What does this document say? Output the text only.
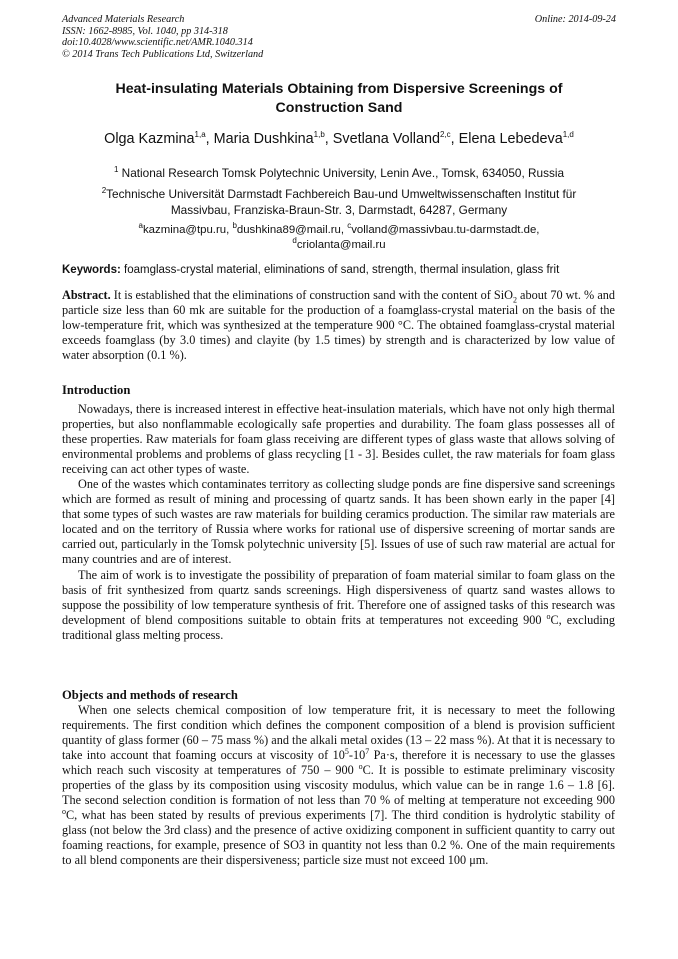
Advanced Materials Research
ISSN: 1662-8985, Vol. 1040, pp 314-318
doi:10.4028/www.scientific.net/AMR.1040.314
© 2014 Trans Tech Publications Ltd, Switzerland
Online: 2014-09-24
Heat-insulating Materials Obtaining from Dispersive Screenings of
Construction Sand
Olga Kazmina$^{1,a}$, Maria Dushkina$^{1,b}$, Svetlana Volland$^{2,c}$, Elena Lebedeva$^{1,d}$
$^1$ National Research Tomsk Polytechnic University, Lenin Ave., Tomsk, 634050, Russia
$^2$Technische Universität Darmstadt Fachbereich Bau-und Umweltwissenschaften Institut für
Massivbau, Franziska-Braun-Str. 3, Darmstadt, 64287, Germany
$^a$kazmina@tpu.ru, $^b$dushkina89@mail.ru, $^c$volland@massivbau.tu-darmstadt.de,
$^d$criolanta@mail.ru
Keywords: foamglass-crystal material, eliminations of sand, strength, thermal insulation, glass frit

Abstract. It is established that the eliminations of construction sand with the content of SiO$_2$ about 70 wt. % and particle size less than 60 mk are suitable for the production of a foamglass-crystal material on the basis of the low-temperature frit, which was synthesized at the temperature 900 °C. The obtained foamglass-crystal material exceeds foamglass (by 3.0 times) and clayite (by 1.5 times) by strength and is characterized by low value of water absorption (0.1 %).

Introduction

Nowadays, there is increased interest in effective heat-insulation materials, which have not only high thermal properties, but also nonflammable ecologically safe properties and durability. The foam glass possesses all of these properties. Raw materials for foam glass receiving are different types of glass waste that allows solving of environmental problems and problems of glass recycling [1 - 3]. Besides cullet, the raw materials for foam glass receiving can act other types of waste.

One of the wastes which contaminates territory as collecting sludge ponds are fine dispersive sand screenings which are formed as result of mining and processing of quartz sands. It has been shown early in the paper [4] that some types of such wastes are raw materials for building ceramics production. The similar raw materials are located and on the territory of Russia where works for rational use of dispersive screening of mortar sands are carried out, particularly in the Tomsk polytechnic university [5]. Issues of use of such raw material are actual for many countries and are of interest.

The aim of work is to investigate the possibility of preparation of foam material similar to foam glass on the basis of frit synthesized from quartz sands screenings. High dispersiveness of quartz sand wastes allows to suppose the possibility of low temperature synthesis of frit. Therefore one of assigned tasks of this research was development of blend compositions suitable to obtain frits at temperatures not exceeding 900 $^o$C, excluding traditional glass melting process.

Objects and methods of research

When one selects chemical composition of low temperature frit, it is necessary to meet the following requirements. The first condition which defines the component composition of a blend is provision sufficient quantity of glass former (60 – 75 mass %) and the alkali metal oxides (13 – 22 mass %). At that it is necessary to take into account that foaming occurs at viscosity of $10^5-10^7$ Pa·s, therefore it is necessary to use the glasses which reach such viscosity at temperatures of 750 – 900 $^o$C. It is possible to estimate preliminary viscosity properties of the glass by its composition using viscosity modulus, which value can be in range 1.6 – 1.8 [6]. The second selection condition is formation of not less than 70 % of melting at temperature not exceeding 900 $^o$C, what has been stated by results of previous experiments [7]. The third condition is hydrolytic stability of glass (not below the 3rd class) and the presence of active oxidizing component in sufficient quantity to carry out foaming reactions, for example, presence of SO3 in quantity not less than 0.2 %. One of the main requirements to all blend components are their dispersiveness; particle size must not exceed 100 μm.
